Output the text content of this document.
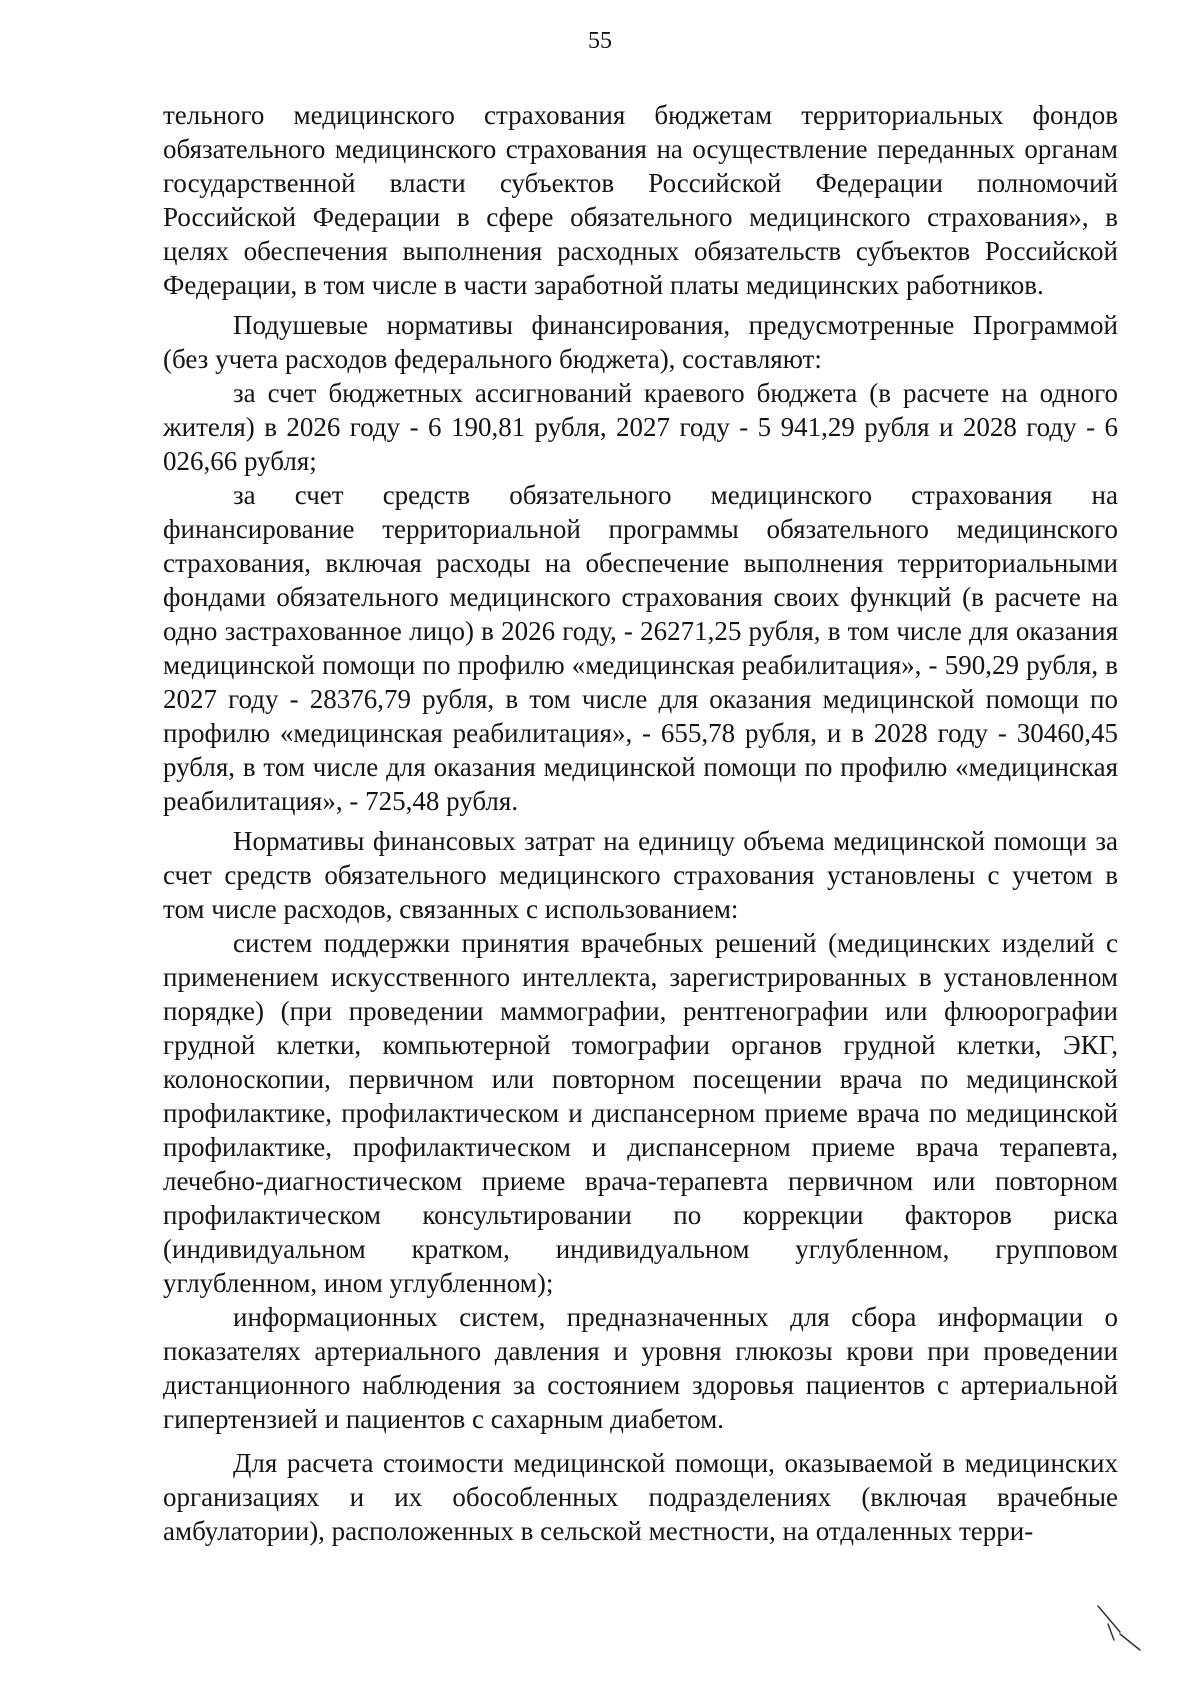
55

тельного медицинского страхования бюджетам территориальных фондов обязательного медицинского страхования на осуществление переданных органам государственной власти субъектов Российской Федерации полномочий Российской Федерации в сфере обязательного медицинского страхования», в целях обеспечения выполнения расходных обязательств субъектов Российской Федерации, в том числе в части заработной платы медицинских работников.

Подушевые нормативы финансирования, предусмотренные Программой (без учета расходов федерального бюджета), составляют:

за счет бюджетных ассигнований краевого бюджета (в расчете на одного жителя) в 2026 году - 6 190,81 рубля, 2027 году - 5 941,29 рубля и 2028 году - 6 026,66 рубля;

за счет средств обязательного медицинского страхования на финансирование территориальной программы обязательного медицинского страхования, включая расходы на обеспечение выполнения территориальными фондами обязательного медицинского страхования своих функций (в расчете на одно застрахованное лицо) в 2026 году, - 26271,25 рубля, в том числе для оказания медицинской помощи по профилю «медицинская реабилитация», - 590,29 рубля, в 2027 году - 28376,79 рубля, в том числе для оказания медицинской помощи по профилю «медицинская реабилитация», - 655,78 рубля, и в 2028 году - 30460,45 рубля, в том числе для оказания медицинской помощи по профилю «медицинская реабилитация», - 725,48 рубля.

Нормативы финансовых затрат на единицу объема медицинской помощи за счет средств обязательного медицинского страхования установлены с учетом в том числе расходов, связанных с использованием:

систем поддержки принятия врачебных решений (медицинских изделий с применением искусственного интеллекта, зарегистрированных в установленном порядке) (при проведении маммографии, рентгенографии или флюорографии грудной клетки, компьютерной томографии органов грудной клетки, ЭКГ, колоноскопии, первичном или повторном посещении врача по медицинской профилактике, профилактическом и диспансерном приеме врача по медицинской профилактике, профилактическом и диспансерном приеме врача терапевта, лечебно-диагностическом приеме врача-терапевта первичном или повторном профилактическом консультировании по коррекции факторов риска (индивидуальном кратком, индивидуальном углубленном, групповом углубленном, ином углубленном);

информационных систем, предназначенных для сбора информации о показателях артериального давления и уровня глюкозы крови при проведении дистанционного наблюдения за состоянием здоровья пациентов с артериальной гипертензией и пациентов с сахарным диабетом.

Для расчета стоимости медицинской помощи, оказываемой в медицинских организациях и их обособленных подразделениях (включая врачебные амбулатории), расположенных в сельской местности, на отдаленных терри-
